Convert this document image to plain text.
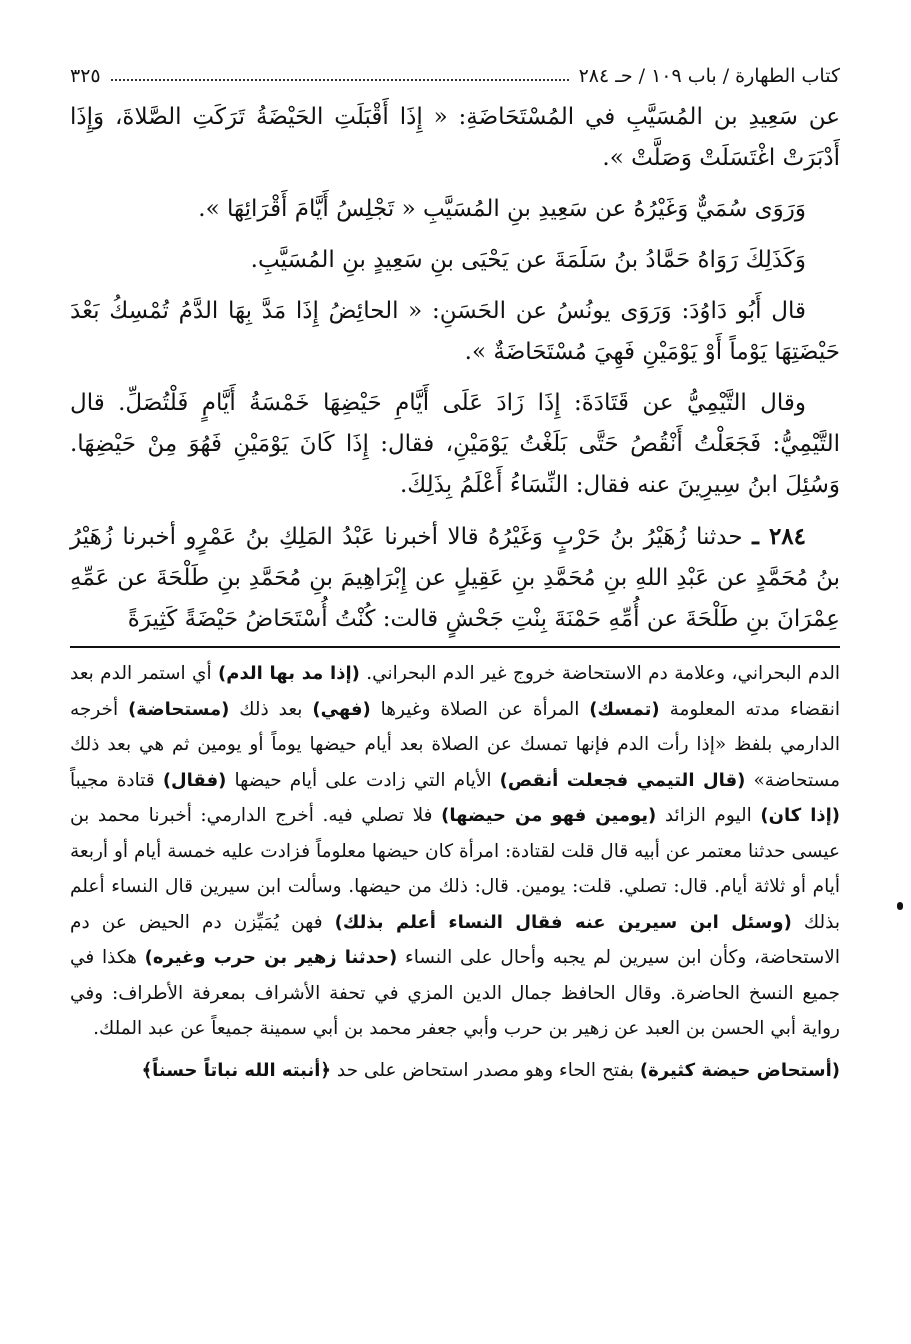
كتاب الطهارة / باب ١٠٩ / حـ ٢٨٤
٣٢٥

عن سَعِيدِ بن المُسَيَّبِ في المُسْتَحَاضَةِ: « إِذَا أَقْبَلَتِ الحَيْضَةُ تَرَكَتِ الصَّلاةَ، وَإِذَا أَدْبَرَتْ اغْتَسَلَتْ وَصَلَّتْ ».

وَرَوَى سُمَيٌّ وَغَيْرُهُ عن سَعِيدِ بنِ المُسَيَّبِ « تَجْلِسُ أَيَّامَ أَقْرَائِهَا ».

وَكَذَلِكَ رَوَاهُ حَمَّادُ بنُ سَلَمَةَ عن يَحْيَى بنِ سَعِيدٍ بنِ المُسَيَّبِ.

قال أَبُو دَاوُدَ: وَرَوَى يونُسُ عن الحَسَنِ: « الحائِضُ إِذَا مَدَّ بِهَا الدَّمُ تُمْسِكُ بَعْدَ حَيْضَتِهَا يَوْماً أَوْ يَوْمَيْنِ فَهِيَ مُسْتَحَاضَةٌ ».

وقال التَّيْمِيُّ عن قَتَادَةَ: إِذَا زَادَ عَلَى أَيَّامِ حَيْضِهَا خَمْسَةُ أَيَّامٍ فَلْتُصَلِّ. قال التَّيْمِيُّ: فَجَعَلْتُ أَنْقُصُ حَتَّى بَلَغْتُ يَوْمَيْنِ، فقال: إِذَا كَانَ يَوْمَيْنِ فَهُوَ مِنْ حَيْضِهَا. وَسُئِلَ ابنُ سِيرِينَ عنه فقال: النِّسَاءُ أَعْلَمُ بِذَلِكَ.

٢٨٤ ـ حدثنا زُهَيْرُ بنُ حَرْبٍ وَغَيْرُهُ قالا أخبرنا عَبْدُ المَلِكِ بنُ عَمْرٍو أخبرنا زُهَيْرُ بنُ مُحَمَّدٍ عن عَبْدِ اللهِ بنِ مُحَمَّدِ بنِ عَقِيلٍ عن إِبْرَاهِيمَ بنِ مُحَمَّدِ بنِ طَلْحَةَ عن عَمِّهِ عِمْرَانَ بنِ طَلْحَةَ عن أُمِّهِ حَمْنَةَ بِنْتِ جَحْشٍ قالت: كُنْتُ أُسْتَحَاضُ حَيْضَةً كَثِيرَةً

الدم البحراني، وعلامة دم الاستحاضة خروج غير الدم البحراني. (إذا مد بها الدم) أي استمر الدم بعد انقضاء مدته المعلومة (تمسك) المرأة عن الصلاة وغيرها (فهي) بعد ذلك (مستحاضة) أخرجه الدارمي بلفظ «إذا رأت الدم فإنها تمسك عن الصلاة بعد أيام حيضها يوماً أو يومين ثم هي بعد ذلك مستحاضة» (قال التيمي فجعلت أنقص) الأيام التي زادت على أيام حيضها (فقال) قتادة مجيباً (إذا كان) اليوم الزائد (يومين فهو من حيضها) فلا تصلي فيه. أخرج الدارمي: أخبرنا محمد بن عيسى حدثنا معتمر عن أبيه قال قلت لقتادة: امرأة كان حيضها معلوماً فزادت عليه خمسة أيام أو أربعة أيام أو ثلاثة أيام. قال: تصلي. قلت: يومين. قال: ذلك من حيضها. وسألت ابن سيرين قال النساء أعلم بذلك (وسئل ابن سيرين عنه فقال النساء أعلم بذلك) فهن يُمَيِّزن دم الحيض عن دم الاستحاضة، وكأن ابن سيرين لم يجبه وأحال على النساء (حدثنا زهير بن حرب وغيره) هكذا في جميع النسخ الحاضرة. وقال الحافظ جمال الدين المزي في تحفة الأشراف بمعرفة الأطراف: وفي رواية أبي الحسن بن العبد عن زهير بن حرب وأبي جعفر محمد بن أبي سمينة جميعاً عن عبد الملك.

(أستحاض حيضة كثيرة) بفتح الحاء وهو مصدر استحاض على حد ﴿أنبته الله نباتاً حسناً﴾
